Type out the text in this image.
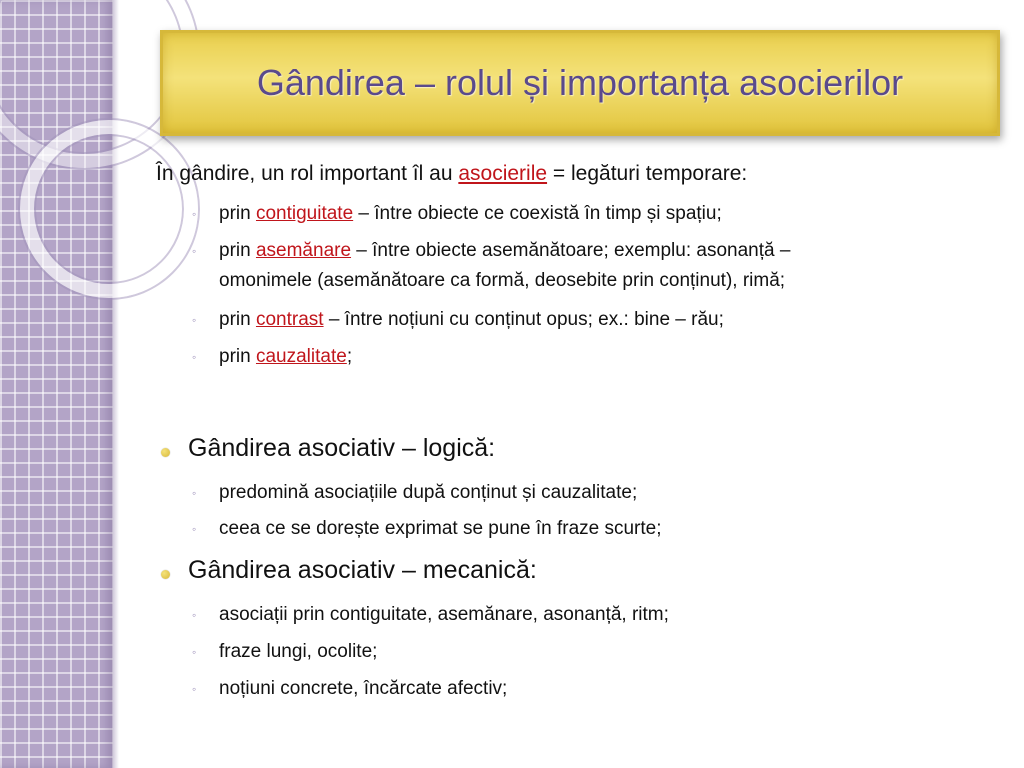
Gândirea – rolul și importanța asocierilor
În gândire, un rol important îl au asocierile = legături temporare:
◦ prin contiguitate – între obiecte ce coexistă în timp și spațiu;
◦ prin asemănare – între obiecte asemănătoare; exemplu: asonanță –
omonimele (asemănătoare ca formă, deosebite prin conținut), rimă;
◦ prin contrast – între noțiuni cu conținut opus; ex.: bine – rău;
◦ prin cauzalitate;
Gândirea asociativ – logică:
◦ predomină asociațiile după conținut și cauzalitate;
◦ ceea ce se dorește exprimat se pune în fraze scurte;
Gândirea asociativ – mecanică:
◦ asociații prin contiguitate, asemănare, asonanță, ritm;
◦ fraze lungi, ocolite;
◦ noțiuni concrete, încărcate afectiv;
